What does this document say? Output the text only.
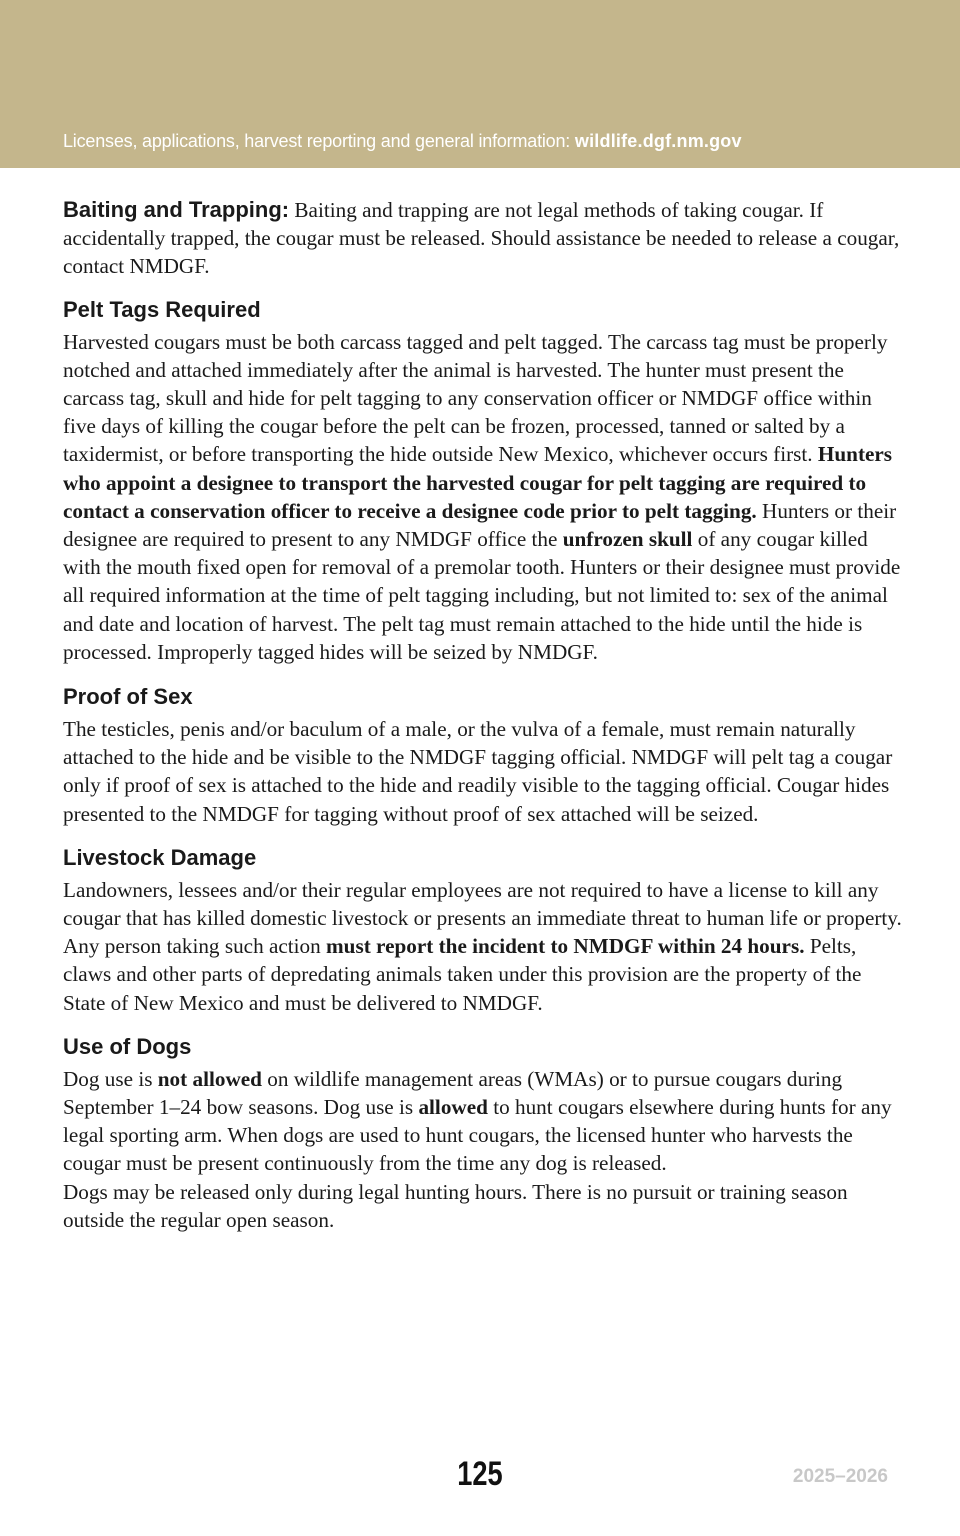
Licenses, applications, harvest reporting and general information: wildlife.dgf.nm.gov

Baiting and Trapping: Baiting and trapping are not legal methods of taking cougar. If accidentally trapped, the cougar must be released. Should assistance be needed to release a cougar, contact NMDGF.

Pelt Tags Required

Harvested cougars must be both carcass tagged and pelt tagged. The carcass tag must be properly notched and attached immediately after the animal is harvested. The hunter must present the carcass tag, skull and hide for pelt tagging to any conservation officer or NMDGF office within five days of killing the cougar before the pelt can be frozen, processed, tanned or salted by a taxidermist, or before transporting the hide outside New Mexico, whichever occurs first. Hunters who appoint a designee to transport the harvested cougar for pelt tagging are required to contact a conservation officer to receive a designee code prior to pelt tagging. Hunters or their designee are required to present to any NMDGF office the unfrozen skull of any cougar killed with the mouth fixed open for removal of a premolar tooth. Hunters or their designee must provide all required information at the time of pelt tagging including, but not limited to: sex of the animal and date and location of harvest. The pelt tag must remain attached to the hide until the hide is processed. Improperly tagged hides will be seized by NMDGF.

Proof of Sex

The testicles, penis and/or baculum of a male, or the vulva of a female, must remain naturally attached to the hide and be visible to the NMDGF tagging official. NMDGF will pelt tag a cougar only if proof of sex is attached to the hide and readily visible to the tagging official. Cougar hides presented to the NMDGF for tagging without proof of sex attached will be seized.

Livestock Damage

Landowners, lessees and/or their regular employees are not required to have a license to kill any cougar that has killed domestic livestock or presents an immediate threat to human life or property. Any person taking such action must report the incident to NMDGF within 24 hours. Pelts, claws and other parts of depredating animals taken under this provision are the property of the State of New Mexico and must be delivered to NMDGF.

Use of Dogs

Dog use is not allowed on wildlife management areas (WMAs) or to pursue cougars during September 1–24 bow seasons. Dog use is allowed to hunt cougars elsewhere during hunts for any legal sporting arm. When dogs are used to hunt cougars, the licensed hunter who harvests the cougar must be present continuously from the time any dog is released.

Dogs may be released only during legal hunting hours. There is no pursuit or training season outside the regular open season.

125	2025–2026
